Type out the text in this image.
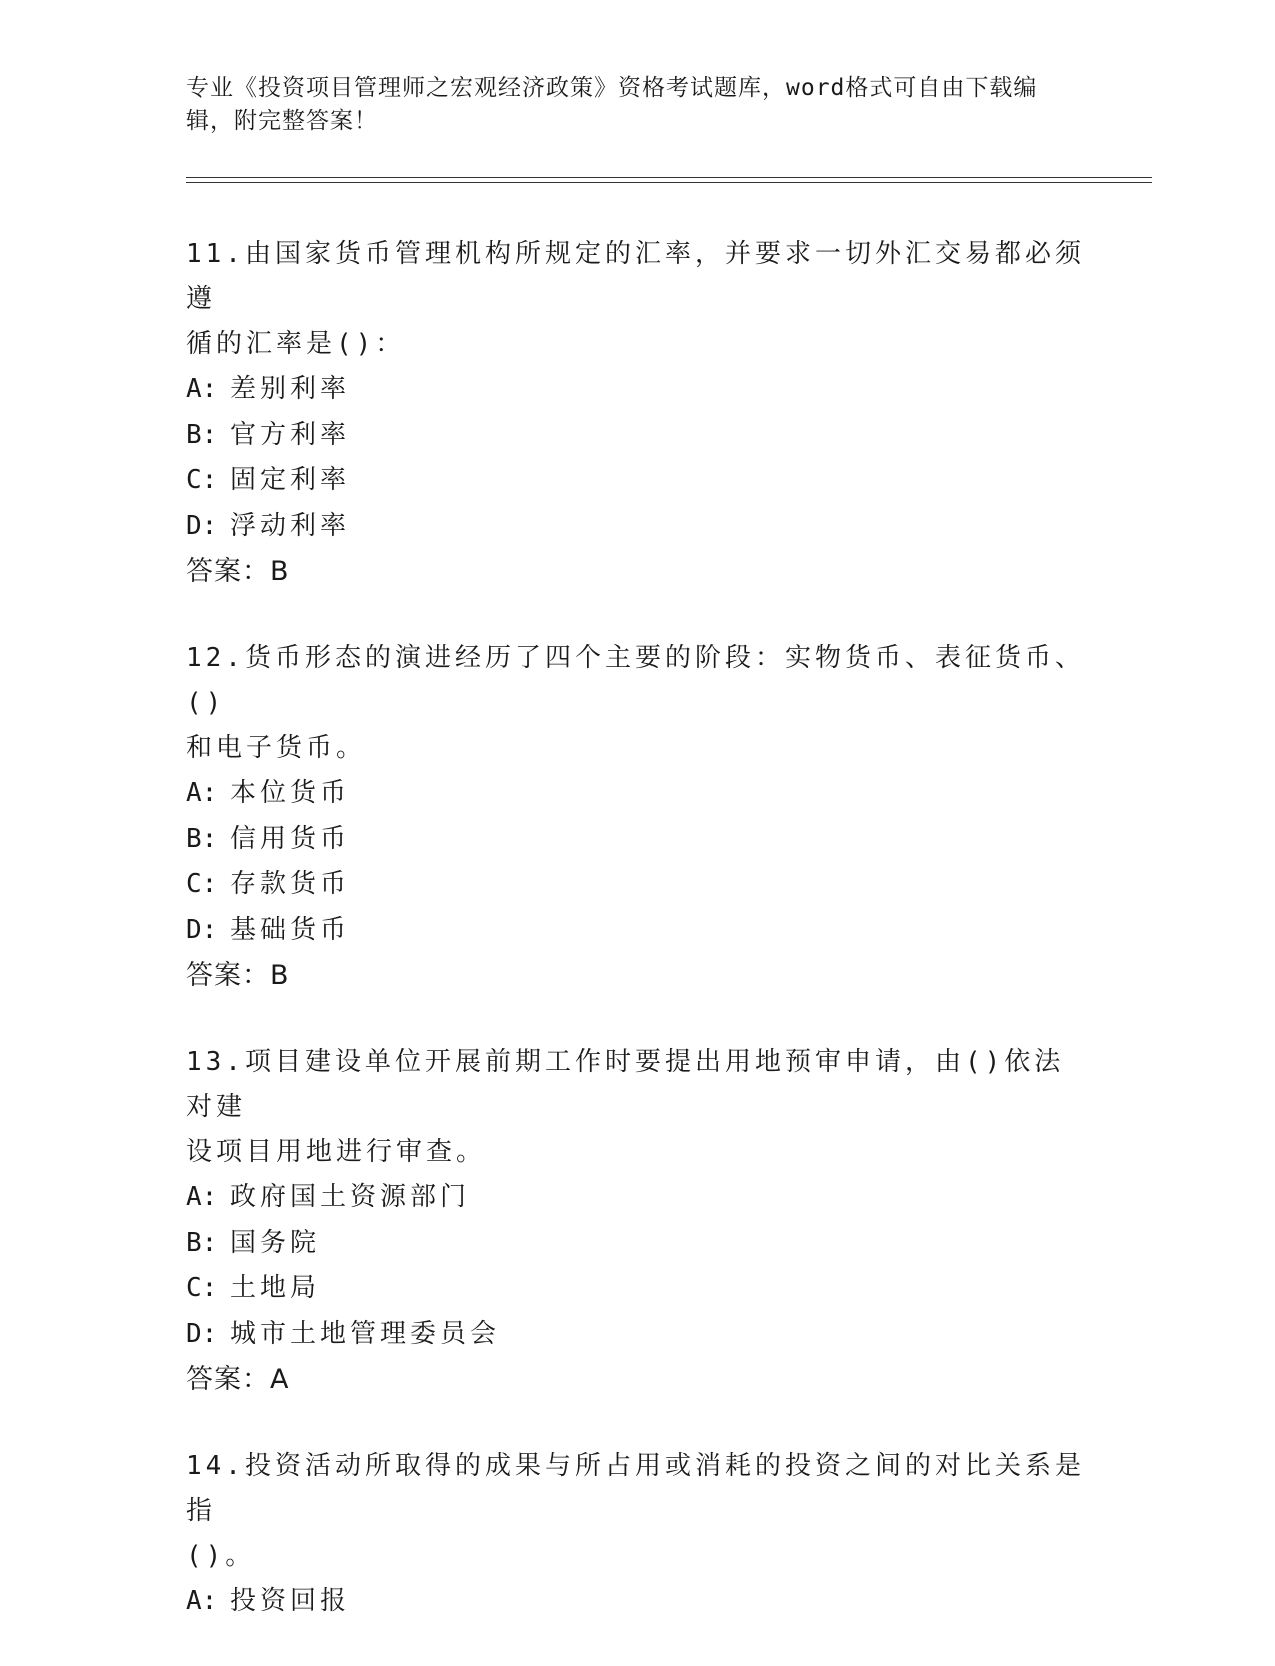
专业《投资项目管理师之宏观经济政策》资格考试题库，word格式可自由下载编
辑，附完整答案！
11.由国家货币管理机构所规定的汇率，并要求一切外汇交易都必须遵
循的汇率是()：
A: 差别利率
B: 官方利率
C: 固定利率
D: 浮动利率
答案：B
12.货币形态的演进经历了四个主要的阶段：实物货币、表征货币、()
和电子货币。
A: 本位货币
B: 信用货币
C: 存款货币
D: 基础货币
答案：B
13.项目建设单位开展前期工作时要提出用地预审申请，由()依法对建
设项目用地进行审查。
A: 政府国土资源部门
B: 国务院
C: 土地局
D: 城市土地管理委员会
答案：A
14.投资活动所取得的成果与所占用或消耗的投资之间的对比关系是指
()。
A: 投资回报
